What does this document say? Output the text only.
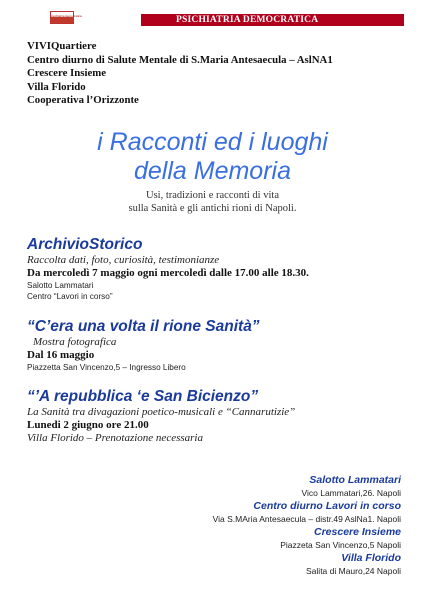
psichiatria democratica	PSICHIATRIA DEMOCRATICA
VIVIQuartiere
Centro diurno di Salute Mentale di S.Maria Antesaecula – AslNA1
Crescere Insieme
Villa Florido
Cooperativa l’Orizzonte
i Racconti ed i luoghi
della Memoria
Usi, tradizioni e racconti di vita
sulla Sanità e gli antichi rioni di Napoli.
ArchivioStorico
Raccolta dati, foto, curiosità, testimonianze
Da mercoledì 7 maggio ogni mercoledì dalle 17.00 alle 18.30.
Salotto Lammatari
Centro “Lavori in corso”
“C’era una volta il rione Sanità”
Mostra fotografica
Dal 16 maggio
Piazzetta San Vincenzo,5 – Ingresso Libero
“’A repubblica ‘e San Bicienzo”
La Sanità tra divagazioni poetico-musicali e “Cannarutizie”
Lunedi 2 giugno ore 21.00
Villa Florido – Prenotazione necessaria
Salotto Lammatari
Vico Lammatari,26. Napoli
Centro diurno Lavori in corso
Via S.MAria Antesaecula – distr.49 AslNa1. Napoli
Crescere Insieme
Piazzeta San Vincenzo,5 Napoli
Villa Florido
Salita di Mauro,24 Napoli
